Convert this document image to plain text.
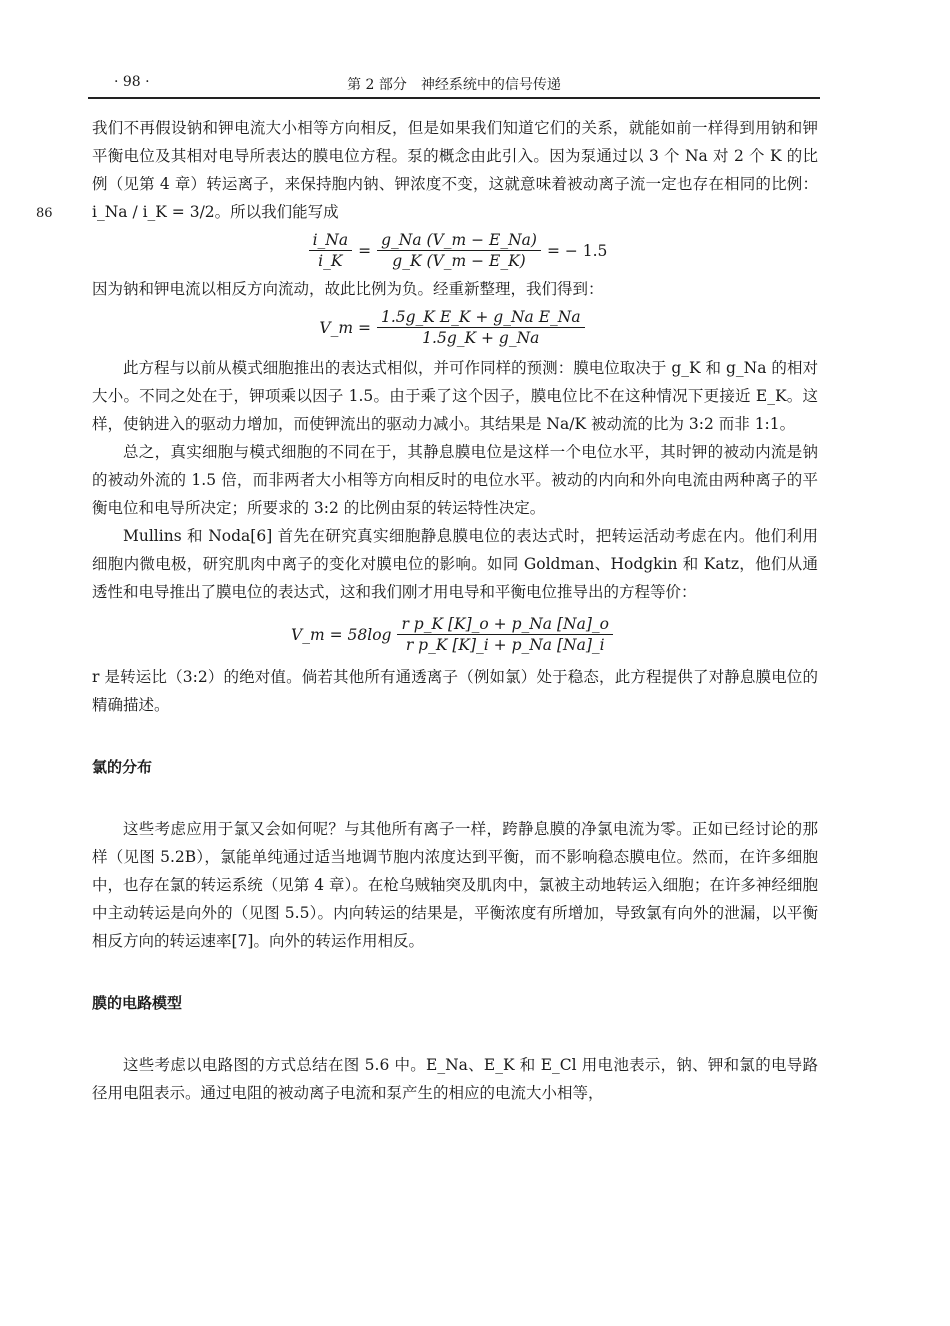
· 98 ·	第 2 部分　神经系统中的信号传递
86

我们不再假设钠和钾电流大小相等方向相反，但是如果我们知道它们的关系，就能如前一样得到用钠和钾平衡电位及其相对电导所表达的膜电位方程。泵的概念由此引入。因为泵通过以 3 个 Na 对 2 个 K 的比例（见第 4 章）转运离子，来保持胞内钠、钾浓度不变，这就意味着被动离子流一定也存在相同的比例：i_Na / i_K = 3/2。所以我们能写成

$\frac{i\_Na}{i\_K} = \frac{g\_Na (V\_m - E\_Na)}{g\_K (V\_m - E\_K)}$ = − 1.5

因为钠和钾电流以相反方向流动，故此比例为负。经重新整理，我们得到：

V_m = $\frac{\text{1.5g\_K E\_K + g\_Na E\_Na}}{1.5g\_K + g\_Na}$

此方程与以前从模式细胞推出的表达式相似，并可作同样的预测：膜电位取决于 g_K 和 g_Na 的相对大小。不同之处在于，钾项乘以因子 1.5。由于乘了这个因子，膜电位比不在这种情况下更接近 E_K。这样，使钠进入的驱动力增加，而使钾流出的驱动力减小。其结果是 Na/K 被动流的比为 3:2 而非 1:1。

总之，真实细胞与模式细胞的不同在于，其静息膜电位是这样一个电位水平，其时钾的被动内流是钠的被动外流的 1.5 倍，而非两者大小相等方向相反时的电位水平。被动的内向和外向电流由两种离子的平衡电位和电导所决定；所要求的 3:2 的比例由泵的转运特性决定。

Mullins 和 Noda[6] 首先在研究真实细胞静息膜电位的表达式时，把转运活动考虑在内。他们利用细胞内微电极，研究肌肉中离子的变化对膜电位的影响。如同 Goldman、Hodgkin 和 Katz，他们从通透性和电导推出了膜电位的表达式，这和我们刚才用电导和平衡电位推导出的方程等价：

V_m = $58\log \frac{\text{r p\_K [K]\_o + p\_Na [Na]\_o}}{\text{r p\_K [K]\_i + p\_Na [Na]\_i}}$

r 是转运比（3:2）的绝对值。倘若其他所有通透离子（例如氯）处于稳态，此方程提供了对静息膜电位的精确描述。

氯的分布

这些考虑应用于氯又会如何呢？与其他所有离子一样，跨静息膜的净氯电流为零。正如已经讨论的那样（见图 5.2B），氯能单纯通过适当地调节胞内浓度达到平衡，而不影响稳态膜电位。然而，在许多细胞中，也存在氯的转运系统（见第 4 章）。在枪乌贼轴突及肌肉中，氯被主动地转运入细胞；在许多神经细胞中主动转运是向外的（见图 5.5）。内向转运的结果是，平衡浓度有所增加，导致氯有向外的泄漏，以平衡相反方向的转运速率[7]。向外的转运作用相反。

膜的电路模型

这些考虑以电路图的方式总结在图 5.6 中。E_Na、E_K 和 E_Cl 用电池表示，钠、钾和氯的电导路径用电阻表示。通过电阻的被动离子电流和泵产生的相应的电流大小相等，
